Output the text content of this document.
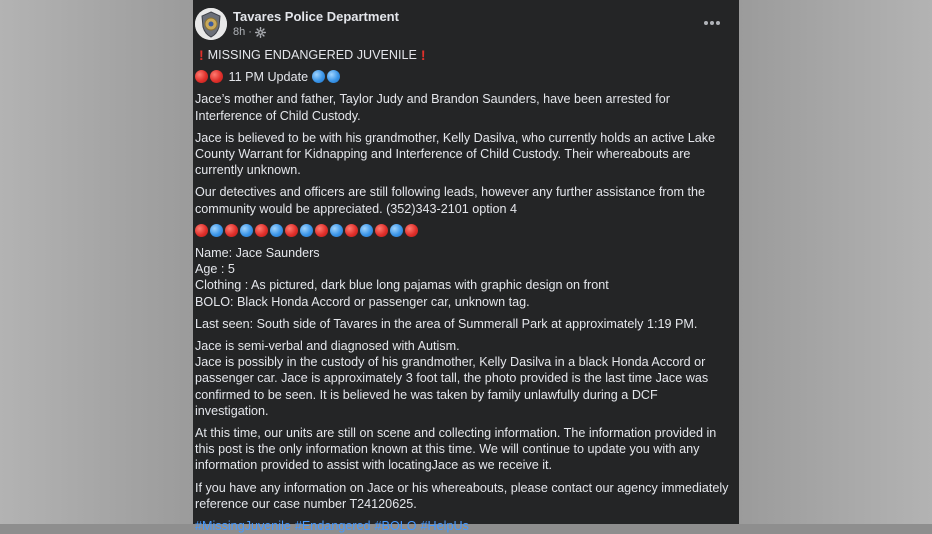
Tavares Police Department
8h ·
! MISSING ENDANGERED JUVENILE !
11 PM Update
Jace’s mother and father, Taylor Judy and Brandon Saunders, have been arrested for Interference of Child Custody.
Jace is believed to be with his grandmother, Kelly Dasilva, who currently holds an active Lake County Warrant for Kidnapping and Interference of Child Custody. Their whereabouts are currently unknown.
Our detectives and officers are still following leads, however any further assistance from the community would be appreciated. (352)343-2101 option 4
Name: Jace Saunders
Age : 5
Clothing : As pictured, dark blue long pajamas with graphic design on front
BOLO: Black Honda Accord or passenger car, unknown tag.
Last seen: South side of Tavares in the area of Summerall Park at approximately 1:19 PM.
Jace is semi-verbal and diagnosed with Autism.
Jace is possibly in the custody of his grandmother, Kelly Dasilva in a black Honda Accord or passenger car. Jace is approximately 3 foot tall, the photo provided is the last time Jace was confirmed to be seen. It is believed he was taken by family unlawfully during a DCF investigation.
At this time, our units are still on scene and collecting information. The information provided in this post is the only information known at this time. We will continue to update you with any information provided to assist with locatingJace as we receive it.
If you have any information on Jace or his whereabouts, please contact our agency immediately reference our case number T24120625.
#MissingJuvenile #Endangered #BOLO #HelpUs
